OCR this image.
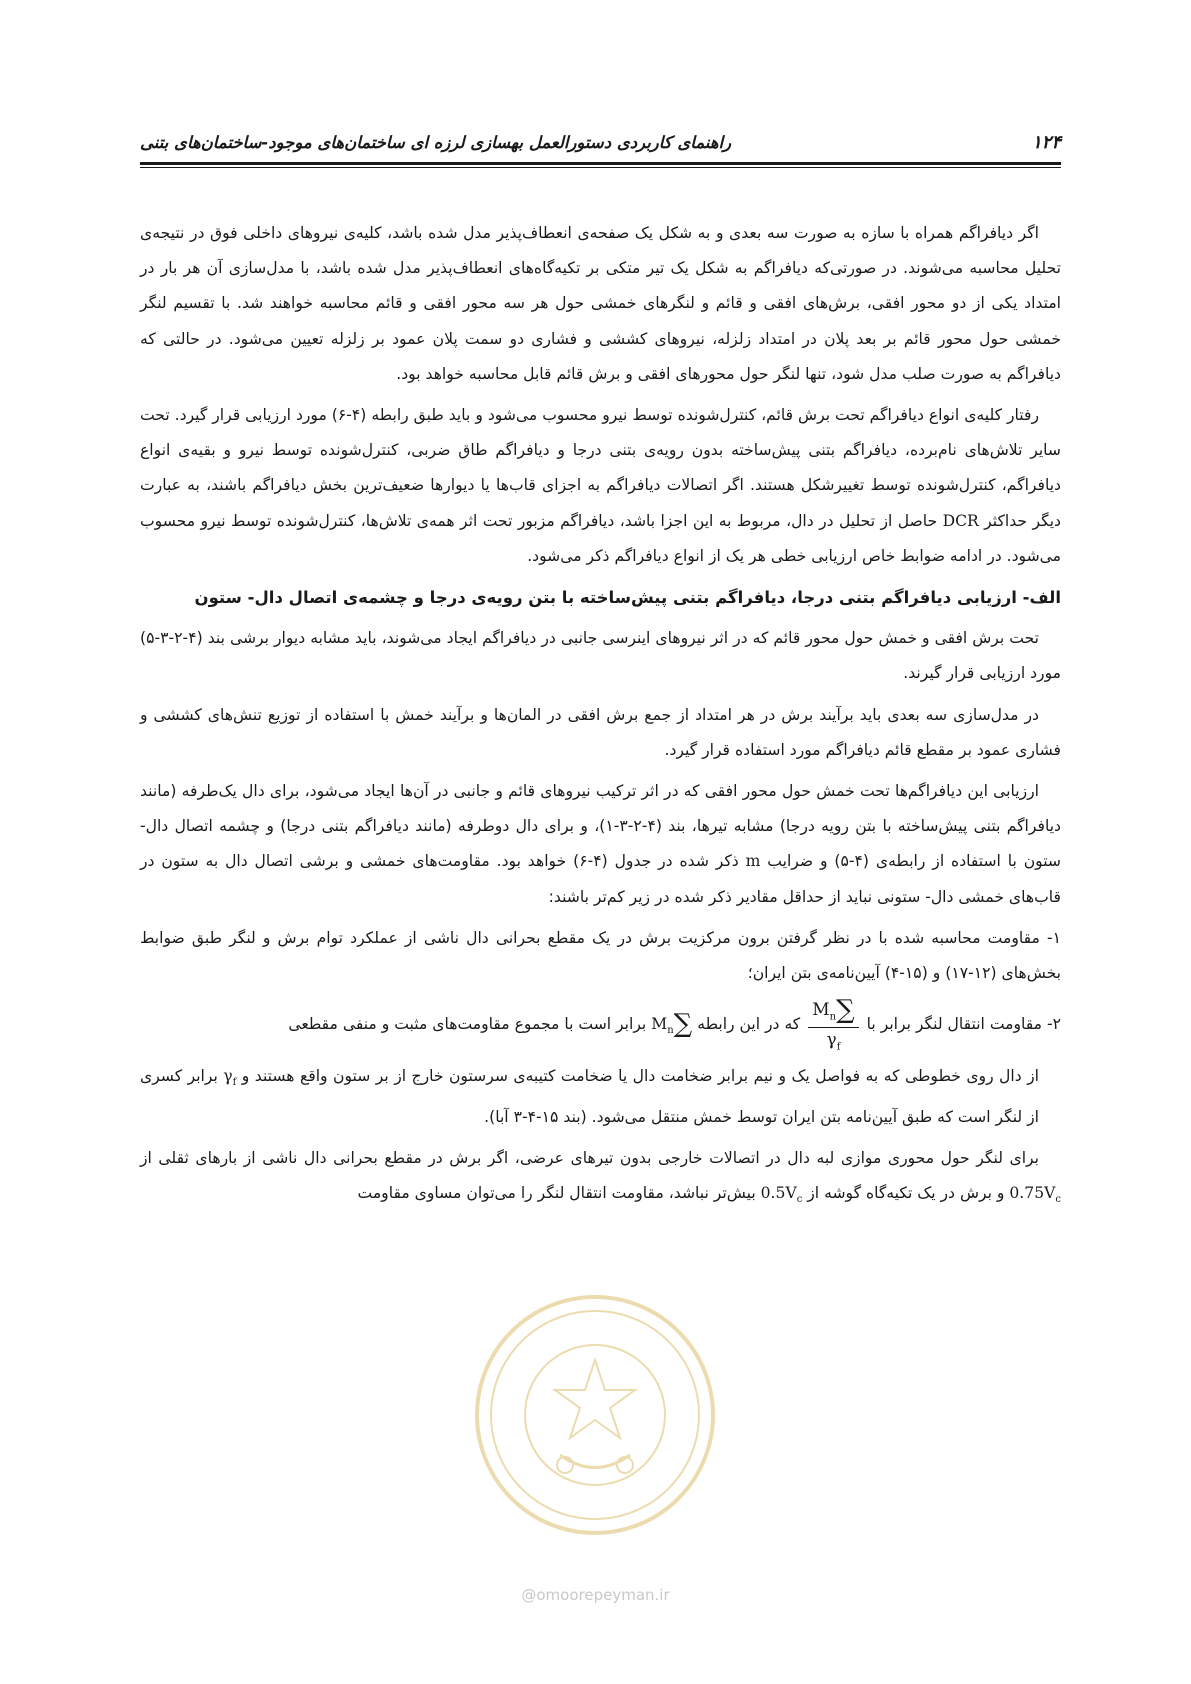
۱۲۴
راهنمای کاربردی دستورالعمل بهسازی لرزه ای ساختمان‌های موجود-ساختمان‌های بتنی

اگر دیافراگم همراه با سازه به صورت سه بعدی و به شکل یک صفحه‌ی انعطاف‌پذیر مدل شده باشد، کلیه‌ی نیروهای داخلی فوق در نتیجه‌ی تحلیل محاسبه می‌شوند. در صورتی‌که دیافراگم به شکل یک تیر متکی بر تکیه‌گاه‌های انعطاف‌پذیر مدل شده باشد، با مدل‌سازی آن هر بار در امتداد یکی از دو محور افقی، برش‌های افقی و قائم و لنگرهای خمشی حول هر سه محور افقی و قائم محاسبه خواهند شد. با تقسیم لنگر خمشی حول محور قائم بر بعد پلان در امتداد زلزله، نیروهای کششی و فشاری دو سمت پلان عمود بر زلزله تعیین می‌شود. در حالتی که دیافراگم به صورت صلب مدل شود، تنها لنگر حول محورهای افقی و برش قائم قابل محاسبه خواهد بود.

رفتار کلیه‌ی انواع دیافراگم تحت برش قائم، کنترل‌شونده توسط نیرو محسوب می‌شود و باید طبق رابطه (۴-۶) مورد ارزیابی قرار گیرد. تحت سایر تلاش‌های نام‌برده، دیافراگم بتنی پیش‌ساخته بدون رویه‌ی بتنی درجا و دیافراگم طاق ضربی، کنترل‌شونده توسط نیرو و بقیه‌ی انواع دیافراگم، کنترل‌شونده توسط تغییرشکل هستند. اگر اتصالات دیافراگم به اجزای قاب‌ها یا دیوارها ضعیف‌ترین بخش دیافراگم باشند، به عبارت دیگر حداکثر DCR حاصل از تحلیل در دال، مربوط به این اجزا باشد، دیافراگم مزبور تحت اثر همه‌ی تلاش‌ها، کنترل‌شونده توسط نیرو محسوب می‌شود. در ادامه ضوابط خاص ارزیابی خطی هر یک از انواع دیافراگم ذکر می‌شود.

الف- ارزیابی دیافراگم بتنی درجا، دیافراگم بتنی پیش‌ساخته با بتن رویه‌ی درجا و چشمه‌ی اتصال دال- ستون

تحت برش افقی و خمش حول محور قائم که در اثر نیروهای اینرسی جانبی در دیافراگم ایجاد می‌شوند، باید مشابه دیوار برشی بند (۴-۲-۳-۵) مورد ارزیابی قرار گیرند.

در مدل‌سازی سه بعدی باید برآیند برش در هر امتداد از جمع برش افقی در المان‌ها و برآیند خمش با استفاده از توزیع تنش‌های کششی و فشاری عمود بر مقطع قائم دیافراگم مورد استفاده قرار گیرد.

ارزیابی این دیافراگم‌ها تحت خمش حول محور افقی که در اثر ترکیب نیروهای قائم و جانبی در آن‌ها ایجاد می‌شود، برای دال یک‌طرفه (مانند دیافراگم بتنی پیش‌ساخته با بتن رویه درجا) مشابه تیرها، بند (۴-۲-۳-۱)، و برای دال دوطرفه (مانند دیافراگم بتنی درجا) و چشمه اتصال دال- ستون با استفاده از رابطه‌ی (۴-۵) و ضرایب m ذکر شده در جدول (۴-۶) خواهد بود. مقاومت‌های خمشی و برشی اتصال دال به ستون در قاب‌های خمشی دال- ستونی نباید از حداقل مقادیر ذکر شده در زیر کم‌تر باشند:

۱- مقاومت محاسبه شده با در نظر گرفتن برون مرکزیت برش در یک مقطع بحرانی دال ناشی از عملکرد توام برش و لنگر طبق ضوابط بخش‌های (۱۲-۱۷) و (۱۵-۴) آیین‌نامه‌ی بتن ایران؛

۲- مقاومت انتقال لنگر برابر با
$\frac{\sum M_n}{\gamma_f}$
که در این رابطه $\sum M_n$ برابر است با مجموع مقاومت‌های مثبت و منفی مقطعی

از دال روی خطوطی که به فواصل یک و نیم برابر ضخامت دال یا ضخامت کتیبه‌ی سرستون خارج از بر ستون واقع هستند و $\gamma_f$ برابر کسری از لنگر است که طبق آیین‌نامه بتن ایران توسط خمش منتقل می‌شود. (بند ۱۵-۴-۳ آبا).

برای لنگر حول محوری موازی لبه دال در اتصالات خارجی بدون تیرهای عرضی، اگر برش در مقطع بحرانی دال ناشی از بارهای ثقلی از $0.75V_c$ و برش در یک تکیه‌گاه گوشه از $0.5V_c$ بیش‌تر نباشد، مقاومت انتقال لنگر را می‌توان مساوی مقاومت

@omoorepeyman.ir
